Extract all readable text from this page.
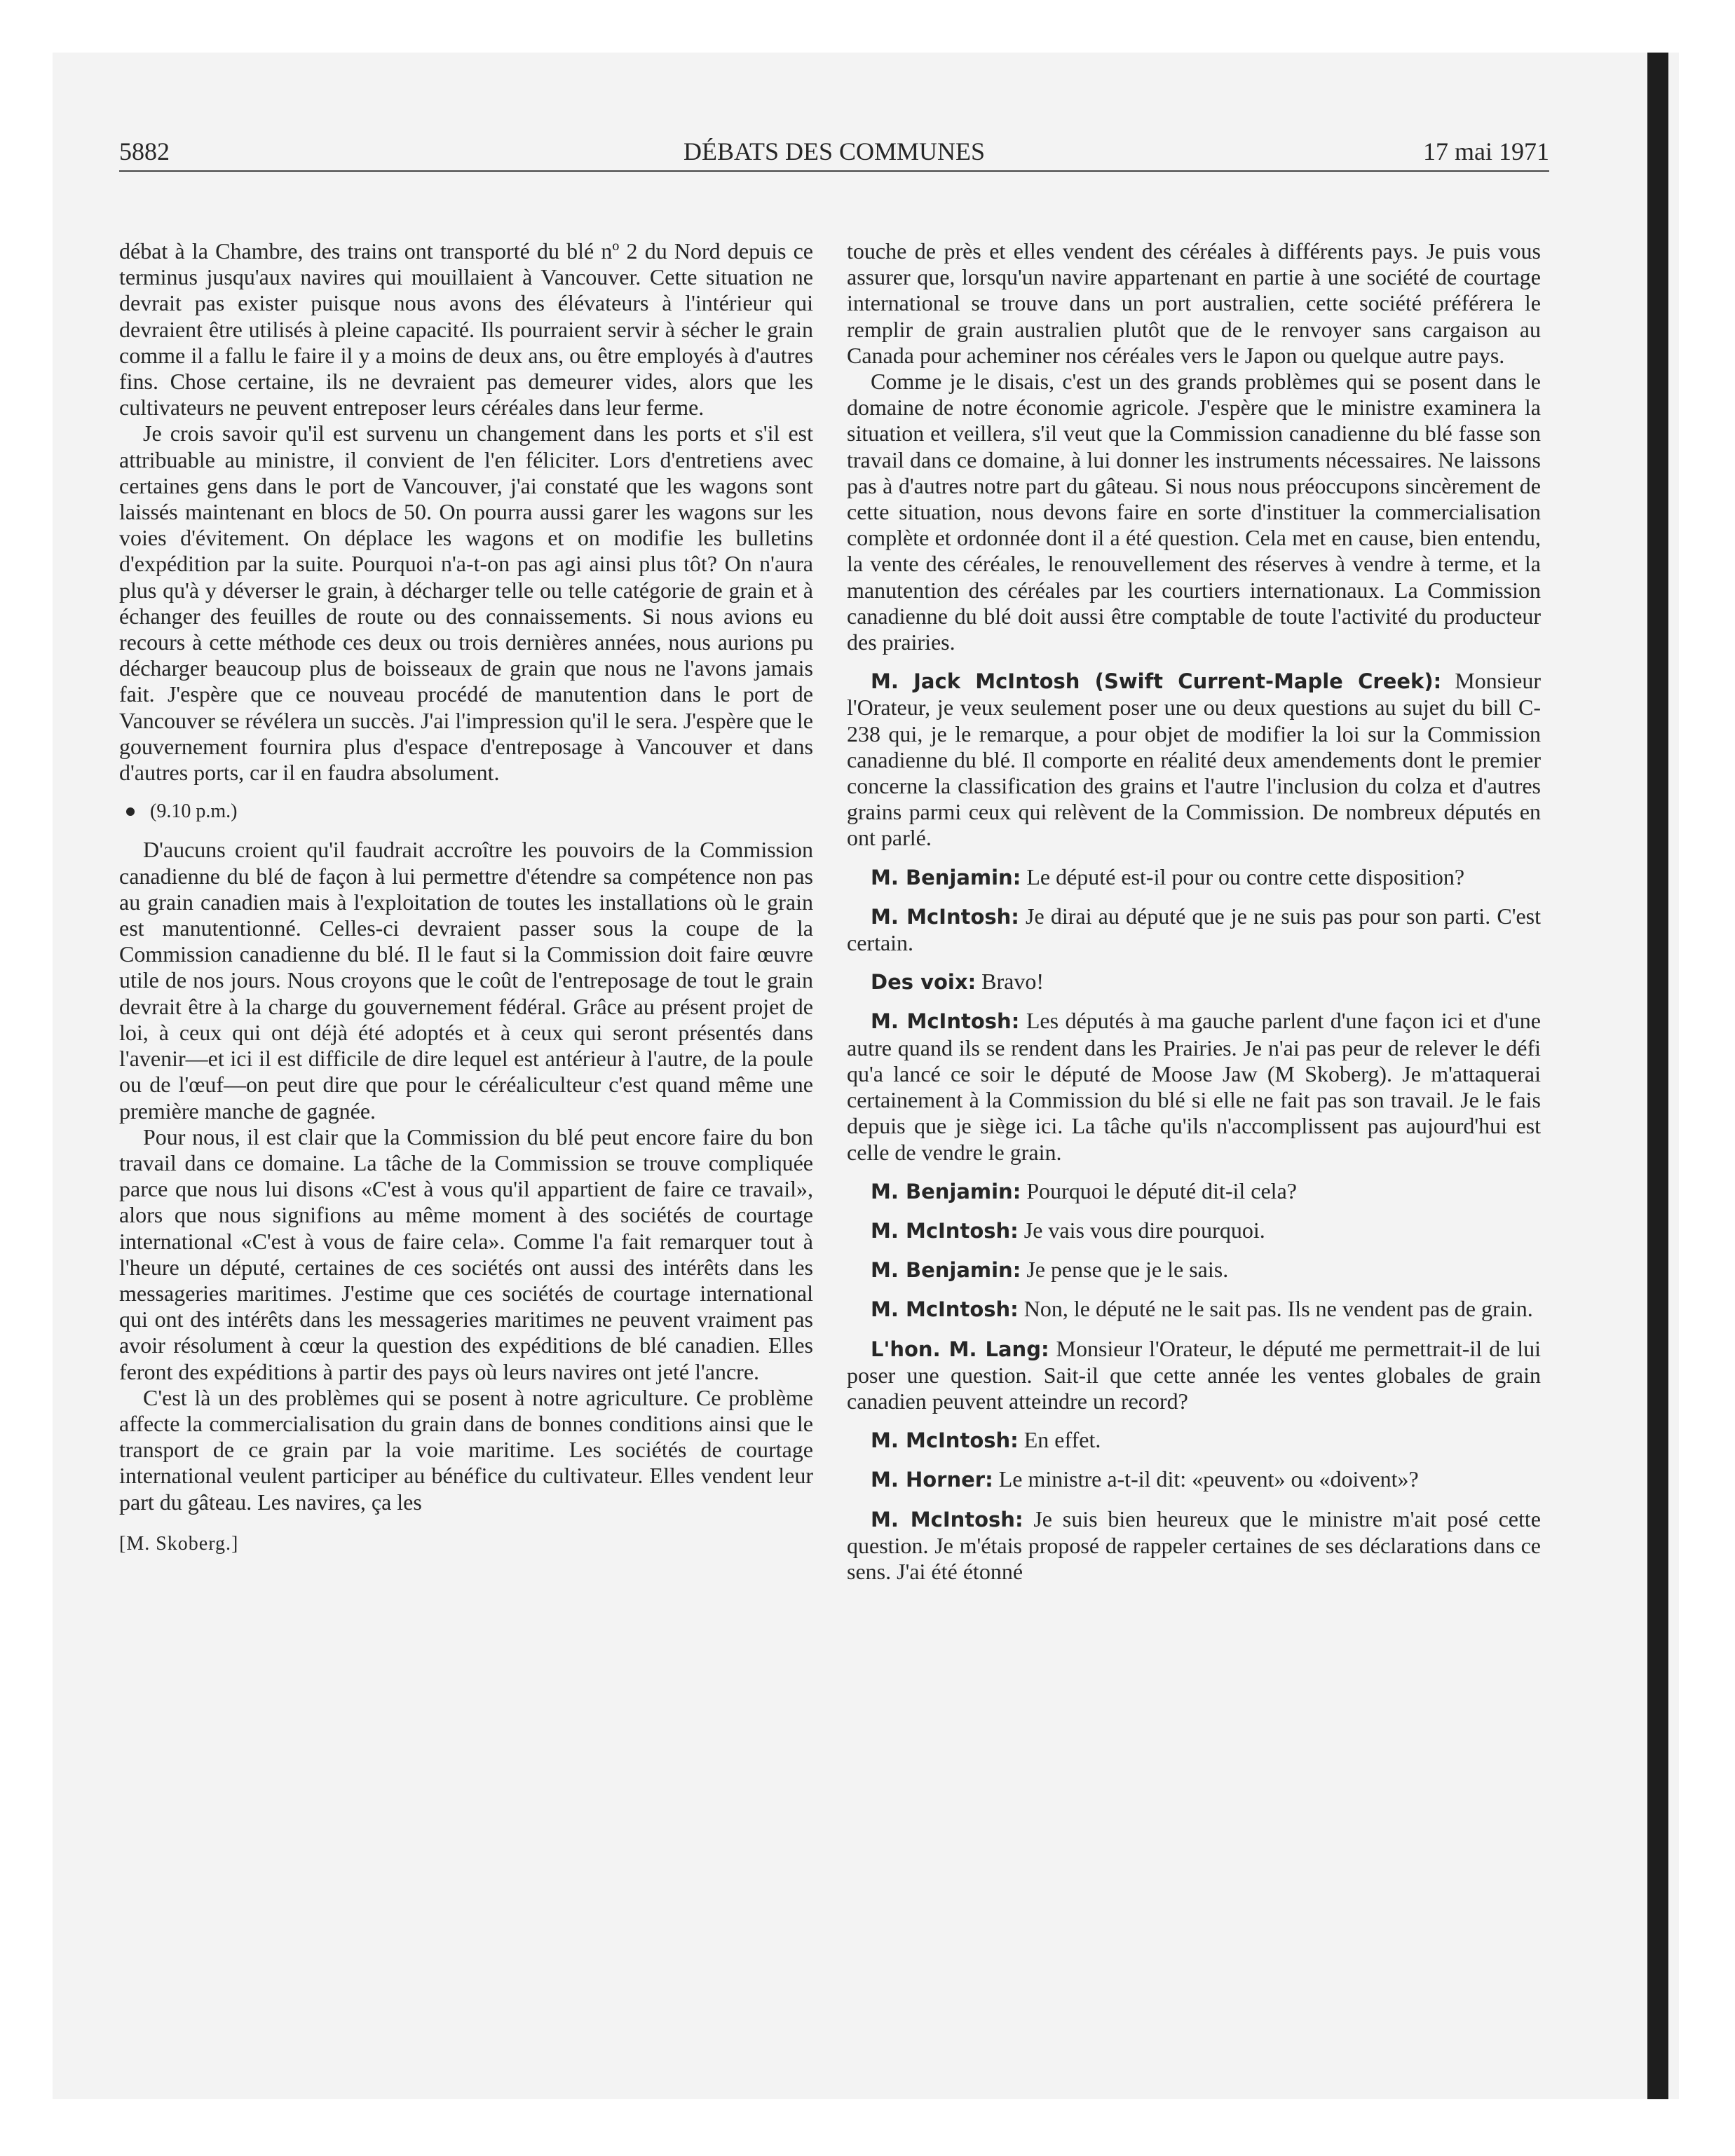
DÉBATS DES COMMUNES
5882	17 mai 1971

débat à la Chambre, des trains ont transporté du blé nº 2 du Nord depuis ce terminus jusqu'aux navires qui mouillaient à Vancouver. Cette situation ne devrait pas exister puisque nous avons des élévateurs à l'intérieur qui devraient être utilisés à pleine capacité. Ils pourraient servir à sécher le grain comme il a fallu le faire il y a moins de deux ans, ou être employés à d'autres fins. Chose certaine, ils ne devraient pas demeurer vides, alors que les cultivateurs ne peuvent entreposer leurs céréales dans leur ferme.

Je crois savoir qu'il est survenu un changement dans les ports et s'il est attribuable au ministre, il convient de l'en féliciter. Lors d'entretiens avec certaines gens dans le port de Vancouver, j'ai constaté que les wagons sont laissés maintenant en blocs de 50. On pourra aussi garer les wagons sur les voies d'évitement. On déplace les wagons et on modifie les bulletins d'expédition par la suite. Pourquoi n'a-t-on pas agi ainsi plus tôt? On n'aura plus qu'à y déverser le grain, à décharger telle ou telle catégorie de grain et à échanger des feuilles de route ou des connaissements. Si nous avions eu recours à cette méthode ces deux ou trois dernières années, nous aurions pu décharger beaucoup plus de boisseaux de grain que nous ne l'avons jamais fait. J'espère que ce nouveau procédé de manutention dans le port de Vancouver se révélera un succès. J'ai l'impression qu'il le sera. J'espère que le gouvernement fournira plus d'espace d'entreposage à Vancouver et dans d'autres ports, car il en faudra absolument.

(9.10 p.m.)

D'aucuns croient qu'il faudrait accroître les pouvoirs de la Commission canadienne du blé de façon à lui permettre d'étendre sa compétence non pas au grain canadien mais à l'exploitation de toutes les installations où le grain est manutentionné. Celles-ci devraient passer sous la coupe de la Commission canadienne du blé. Il le faut si la Commission doit faire œuvre utile de nos jours. Nous croyons que le coût de l'entreposage de tout le grain devrait être à la charge du gouvernement fédéral. Grâce au présent projet de loi, à ceux qui ont déjà été adoptés et à ceux qui seront présentés dans l'avenir—et ici il est difficile de dire lequel est antérieur à l'autre, de la poule ou de l'œuf—on peut dire que pour le céréaliculteur c'est quand même une première manche de gagnée.

Pour nous, il est clair que la Commission du blé peut encore faire du bon travail dans ce domaine. La tâche de la Commission se trouve compliquée parce que nous lui disons «C'est à vous qu'il appartient de faire ce travail», alors que nous signifions au même moment à des sociétés de courtage international «C'est à vous de faire cela». Comme l'a fait remarquer tout à l'heure un député, certaines de ces sociétés ont aussi des intérêts dans les messageries maritimes. J'estime que ces sociétés de courtage international qui ont des intérêts dans les messageries maritimes ne peuvent vraiment pas avoir résolument à cœur la question des expéditions de blé canadien. Elles feront des expéditions à partir des pays où leurs navires ont jeté l'ancre.

C'est là un des problèmes qui se posent à notre agriculture. Ce problème affecte la commercialisation du grain dans de bonnes conditions ainsi que le transport de ce grain par la voie maritime. Les sociétés de courtage international veulent participer au bénéfice du cultivateur. Elles vendent leur part du gâteau. Les navires, ça les

[M. Skoberg.]

touche de près et elles vendent des céréales à différents pays. Je puis vous assurer que, lorsqu'un navire appartenant en partie à une société de courtage international se trouve dans un port australien, cette société préférera le remplir de grain australien plutôt que de le renvoyer sans cargaison au Canada pour acheminer nos céréales vers le Japon ou quelque autre pays.

Comme je le disais, c'est un des grands problèmes qui se posent dans le domaine de notre économie agricole. J'espère que le ministre examinera la situation et veillera, s'il veut que la Commission canadienne du blé fasse son travail dans ce domaine, à lui donner les instruments nécessaires. Ne laissons pas à d'autres notre part du gâteau. Si nous nous préoccupons sincèrement de cette situation, nous devons faire en sorte d'instituer la commercialisation complète et ordonnée dont il a été question. Cela met en cause, bien entendu, la vente des céréales, le renouvellement des réserves à vendre à terme, et la manutention des céréales par les courtiers internationaux. La Commission canadienne du blé doit aussi être comptable de toute l'activité du producteur des prairies.

M. Jack McIntosh (Swift Current-Maple Creek): Monsieur l'Orateur, je veux seulement poser une ou deux questions au sujet du bill C-238 qui, je le remarque, a pour objet de modifier la loi sur la Commission canadienne du blé. Il comporte en réalité deux amendements dont le premier concerne la classification des grains et l'autre l'inclusion du colza et d'autres grains parmi ceux qui relèvent de la Commission. De nombreux députés en ont parlé.

M. Benjamin: Le député est-il pour ou contre cette disposition?

M. McIntosh: Je dirai au député que je ne suis pas pour son parti. C'est certain.

Des voix: Bravo!

M. McIntosh: Les députés à ma gauche parlent d'une façon ici et d'une autre quand ils se rendent dans les Prairies. Je n'ai pas peur de relever le défi qu'a lancé ce soir le député de Moose Jaw (M Skoberg). Je m'attaquerai certainement à la Commission du blé si elle ne fait pas son travail. Je le fais depuis que je siège ici. La tâche qu'ils n'accomplissent pas aujourd'hui est celle de vendre le grain.

M. Benjamin: Pourquoi le député dit-il cela?

M. McIntosh: Je vais vous dire pourquoi.

M. Benjamin: Je pense que je le sais.

M. McIntosh: Non, le député ne le sait pas. Ils ne vendent pas de grain.

L'hon. M. Lang: Monsieur l'Orateur, le député me permettrait-il de lui poser une question. Sait-il que cette année les ventes globales de grain canadien peuvent atteindre un record?

M. McIntosh: En effet.

M. Horner: Le ministre a-t-il dit: «peuvent» ou «doivent»?

M. McIntosh: Je suis bien heureux que le ministre m'ait posé cette question. Je m'étais proposé de rappeler certaines de ses déclarations dans ce sens. J'ai été étonné
